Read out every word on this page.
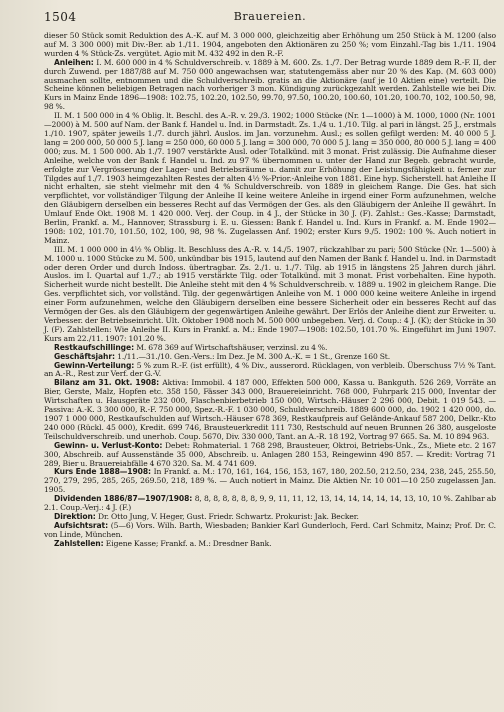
1504	Brauereien.

dieser 50 Stück somit Reduktion des A.-K. auf M. 3 000 000, gleichzeitig aber Erhöhung um 250 Stück à M. 1200 (also auf M. 3 300 000) mit Div.-Ber. ab 1./11. 1904, angeboten den Aktionären zu 250 %; vom Einzahl.-Tag bis 1./11. 1904 wurden 4 % Stück-Zs. vergütet. Agio mit M. 432 492 in den R.-F.

Anleihen: I. M. 600 000 in 4 % Schuldverschreib. v. 1889 à M. 600. Zs. 1./7. Der Betrag wurde 1889 dem R.-F. II, der durch Zuwend. per 1887/88 auf M. 750 000 angewachsen war, statutengemäss aber nur 20 % des Kap. (M. 603 000) ausmachen sollte, entnommen und die Schuldverschreib. gratis an die Aktionäre (auf je 10 Aktien eine) verteilt. Die Scheine können beliebigen Betragen nach vorheriger 3 mon. Kündigung zurückgezahlt werden. Zahlstelle wie bei Div. Kurs in Mainz Ende 1896—1908: 102.75, 102.20, 102.50, 99.70, 97.50, 100.20, 100.60, 101.20, 100.70, 102, 100.50, 98, 98 %.

II. M. 1 500 000 in 4 % Oblig. lt. Beschl. des A.-R. v. 29./3. 1902; 1000 Stücke (Nr. 1—1000) à M. 1000, 1000 (Nr. 1001—2000) à M. 500 auf Nam. der Bank f. Handel u. Ind. in Darmstadt. Zs. 1./4 u. 1./10. Tilg. al pari in längst. 25 J., erstmals 1./10. 1907, später jeweils 1./7. durch jährl. Auslos. im Jan. vorzunehm. Ausl.; es sollen gefilgt werden: M. 40 000 5 J. lang = 200 000, 50 000 5 J. lang = 250 000, 60 000 5 J. lang = 300 000, 70 000 5 J. lang = 350 000, 80 000 5 J. lang = 400 000; zus. M. 1 500 000. Ab 1./7. 1907 verstärkte Ausl. oder Totalkünd. mit 3 monat. Frist zulässig. Die Aufnahme dieser Anleihe, welche von der Bank f. Handel u. Ind. zu 97 % übernommen u. unter der Hand zur Begeb. gebracht wurde, erfolgte zur Vergrösserung der Lager- und Betriebsräume u. damit zur Erhöhung der Leistungsfähigkeit u. ferner zur Tilgdes auf 1./7. 1903 heimgezahlten Restes der alten 4½ %-Prior.-Anleihe von 1881. Eine hyp. Sicherstell. hat Anleihe II nicht erhalten, sie steht vielmehr mit den 4 % Schuldverschreib. von 1889 in gleichem Range. Die Ges. hat sich verpflichtet, vor vollständiger Tilgung der Anleihe II keine weitere Anleihe in irgend einer Form aufzunehmen, welche den Gläubigern derselben ein besseres Recht auf das Vermögen der Ges. als den Gläubigern der Anleihe II gewährt. In Umlauf Ende Okt. 1908 M. 1 420 000. Verj. der Coup. in 4 J., der Stücke in 30 J. (F). Zahlst.: Ges.-Kasse; Darmstadt, Berlin, Frankf. a. M., Hannover, Strassburg i. E. u. Giessen: Bank f. Handel u. Ind. Kurs in Frankf. a. M. Ende 1902—1908: 102, 101.70, 101.50, 102, 100, 98, 98 %. Zugelassen Anf. 1902; erster Kurs 9./5. 1902: 100 %. Auch notiert in Mainz.

III. M. 1 000 000 in 4½ % Oblig. lt. Beschluss des A.-R. v. 14./5. 1907, rückzahlbar zu pari; 500 Stücke (Nr. 1—500) à M. 1000 u. 1000 Stücke zu M. 500, unkündbar bis 1915, lautend auf den Namen der Bank f. Handel u. Ind. in Darmstadt oder deren Order und durch Indoss. übertragbar. Zs. 2./1. u. 1./7. Tilg. ab 1915 in längstens 25 Jahren durch jährl. Auslos. im I. Quartal auf 1./7.; ab 1915 verstärkte Tilg. oder Totalkünd. mit 3 monat. Frist vorbehalten. Eine hypoth. Sicherheit wurde nicht bestellt. Die Anleihe steht mit den 4 % Schuldverschreib. v. 1889 u. 1902 in gleichem Range. Die Ges. verpflichtet sich, vor vollständ. Tilg. der gegenwärtigen Anleihe von M. 1 000 000 keine weitere Anleihe in irgend einer Form aufzunehmen, welche den Gläubigern derselben eine bessere Sicherheit oder ein besseres Recht auf das Vermögen der Ges. als den Gläubigern der gegenwärtigen Anleihe gewährt. Der Erlös der Anleihe dient zur Erweiter. u. Verbesser. der Betriebseinricht. Ult. Oktober 1908 noch M. 500 000 unbegeben. Verj. d. Coup.: 4 J. (K); der Stücke in 30 J. (F). Zahlstellen: Wie Anleihe II. Kurs in Frankf. a. M.: Ende 1907—1908: 102.50, 101.70 %. Eingeführt im Juni 1907. Kurs am 22./11. 1907: 101.20 %.

Restkaufschillinge: M. 678 369 auf Wirtschaftshäuser, verzinsl. zu 4 %.

Geschäftsjahr: 1./11.—31./10. Gen.-Vers.: Im Dez. Je M. 300 A.-K. = 1 St., Grenze 160 St.

Gewinn-Verteilung: 5 % zum R.-F. (ist erfüllt), 4 % Div., ausserord. Rücklagen, von verbleib. Überschuss 7½ % Tant. an A.-R., Rest zur Verf. der G.-V.

Bilanz am 31. Okt. 1908: Aktiva: Immobil. 4 187 000, Effekten 500 000, Kassa u. Bankguth. 526 269, Vorräte an Bier, Gerste, Malz, Hopfen etc. 358 150, Fässer 343 000, Brauereieinricht. 768 000, Fuhrpark 215 000, Inventar der Wirtschaften u. Hausgeräte 232 000, Flaschenbierbetrieb 150 000, Wirtsch.-Häuser 2 296 000, Debit. 1 019 543. — Passiva: A.-K. 3 300 000, R.-F. 750 000, Spez.-R.-F. 1 030 000, Schuldverschreib. 1889 600 000, do. 1902 1 420 000, do. 1907 1 000 000, Restkaufschulden auf Wirtsch.-Häuser 678 369, Restkaufpreis auf Gelände-Ankauf 587 200, Delkr.-Kto 240 000 (Rückl. 45 000), Kredit. 699 746, Brausteuerkredit 111 730, Restschuld auf neuen Brunnen 26 380, ausgeloste Teilschuldverschreib. und unerhob. Coup. 5670, Div. 330 000, Tant. an A.-R. 18 192, Vortrag 97 665. Sa. M. 10 894 963.

Gewinn- u. Verlust-Konto: Debet: Rohmaterial. 1 768 298, Brausteuer, Oktroi, Betriebs-Unk., Zs., Miete etc. 2 167 300, Abschreib. auf Aussenstände 35 000, Abschreib. u. Anlagen 280 153, Reingewinn 490 857. — Kredit: Vortrag 71 289, Bier u. Brauereiabfälle 4 670 320. Sa. M. 4 741 609.

Kurs Ende 1888—1908: In Frankf. a. M.: 170, 161, 164, 156, 153, 167, 180, 202.50, 212.50, 234, 238, 245, 255.50, 270, 279, 295, 285, 265, 269.50, 218, 189 %. — Auch notiert in Mainz. Die Aktien Nr. 10 001—10 250 zugelassen Jan. 1905.

Dividenden 1886/87—1907/1908: 8, 8, 8, 8, 8, 8, 8, 9, 9, 11, 11, 12, 13, 14, 14, 14, 14, 14, 13, 10, 10 %. Zahlbar ab 2.1. Coup.-Verj.: 4 J. (F.)

Direktion: Dr. Otto Jung, V. Heger, Gust. Friedr. Schwartz. Prokurist: Jak. Becker.

Aufsichtsrat: (5—6) Vors. Wilh. Barth, Wiesbaden; Bankier Karl Gunderloch, Ferd. Carl Schmitz, Mainz; Prof. Dr. C. von Linde, München.

Zahlstellen: Eigene Kasse; Frankf. a. M.: Dresdner Bank.
